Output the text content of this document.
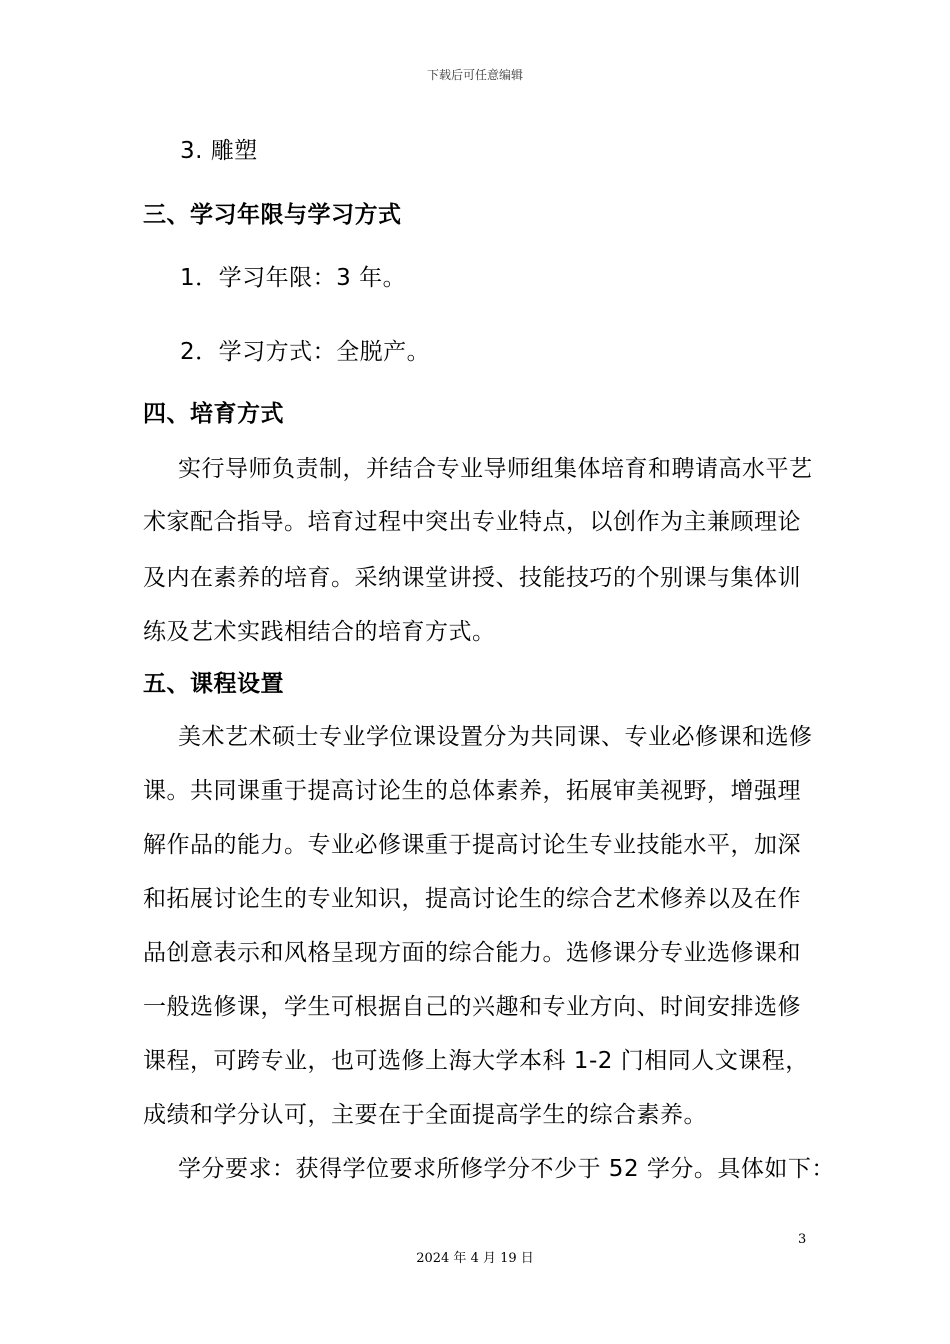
下载后可任意编辑
3. 雕塑
三、学习年限与学习方式
1．学习年限：3 年。
2．学习方式：全脱产。
四、培育方式
实行导师负责制，并结合专业导师组集体培育和聘请高水平艺
术家配合指导。培育过程中突出专业特点，以创作为主兼顾理论
及内在素养的培育。采纳课堂讲授、技能技巧的个别课与集体训
练及艺术实践相结合的培育方式。
五、课程设置
美术艺术硕士专业学位课设置分为共同课、专业必修课和选修
课。共同课重于提高讨论生的总体素养，拓展审美视野，增强理
解作品的能力。专业必修课重于提高讨论生专业技能水平，加深
和拓展讨论生的专业知识，提高讨论生的综合艺术修养以及在作
品创意表示和风格呈现方面的综合能力。选修课分专业选修课和
一般选修课，学生可根据自己的兴趣和专业方向、时间安排选修
课程，可跨专业，也可选修上海大学本科 1-2 门相同人文课程，
成绩和学分认可，主要在于全面提高学生的综合素养。
学分要求：获得学位要求所修学分不少于 52 学分。具体如下：
3
2024 年 4 月 19 日
